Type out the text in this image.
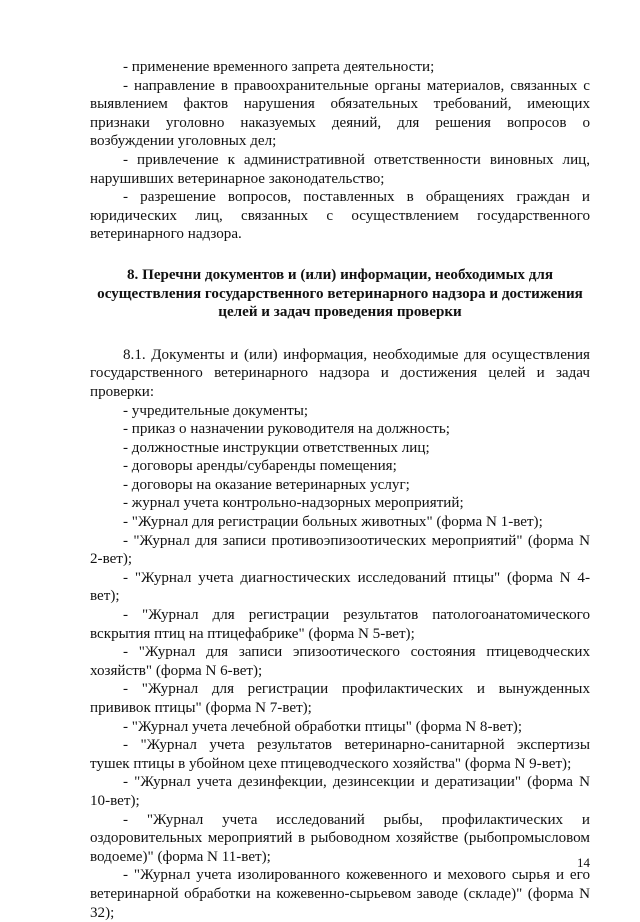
- применение временного запрета деятельности;

- направление в правоохранительные органы материалов, связанных с выявлением фактов нарушения обязательных требований, имеющих признаки уголовно наказуемых деяний, для решения вопросов о возбуждении уголовных дел;

- привлечение к административной ответственности виновных лиц, нарушивших ветеринарное законодательство;

- разрешение вопросов, поставленных в обращениях граждан и юридических лиц, связанных с осуществлением государственного ветеринарного надзора.

8. Перечни документов и (или) информации, необходимых для осуществления государственного ветеринарного надзора и достижения целей и задач проведения проверки

8.1. Документы и (или) информация, необходимые для осуществления государственного ветеринарного надзора и достижения целей и задач проверки:

- учредительные документы;

- приказ о назначении руководителя на должность;

- должностные инструкции ответственных лиц;

- договоры аренды/субаренды помещения;

- договоры на оказание ветеринарных услуг;

- журнал учета контрольно-надзорных мероприятий;

- "Журнал для регистрации больных животных" (форма N 1-вет);

- "Журнал для записи противоэпизоотических мероприятий" (форма N 2-вет);

- "Журнал учета диагностических исследований птицы" (форма N 4-вет);

- "Журнал для регистрации результатов патологоанатомического вскрытия птиц на птицефабрике" (форма N 5-вет);

- "Журнал для записи эпизоотического состояния птицеводческих хозяйств" (форма N 6-вет);

- "Журнал для регистрации профилактических и вынужденных прививок птицы" (форма N 7-вет);

- "Журнал учета лечебной обработки птицы" (форма N 8-вет);

- "Журнал учета результатов ветеринарно-санитарной экспертизы тушек птицы в убойном цехе птицеводческого хозяйства" (форма N 9-вет);

- "Журнал учета дезинфекции, дезинсекции и дератизации" (форма N 10-вет);

- "Журнал учета исследований рыбы, профилактических и оздоровительных мероприятий в рыбоводном хозяйстве (рыбопромысловом водоеме)" (форма N 11-вет);

- "Журнал учета изолированного кожевенного и мехового сырья и его ветеринарной обработки на кожевенно-сырьевом заводе (складе)" (форма N 32);

14
